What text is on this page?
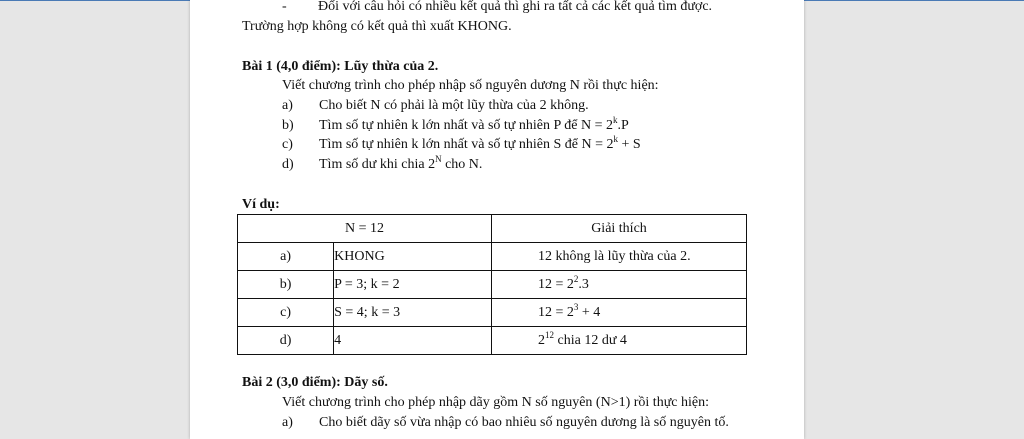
- Đối với câu hỏi có nhiều kết quả thì ghi ra tất cả các kết quả tìm được.
Trường hợp không có kết quả thì xuất KHONG.
Bài 1 (4,0 điểm): Lũy thừa của 2.
Viết chương trình cho phép nhập số nguyên dương N rồi thực hiện:
a) Cho biết N có phải là một lũy thừa của 2 không.
b) Tìm số tự nhiên k lớn nhất và số tự nhiên P để $N = 2^k.P$
c) Tìm số tự nhiên k lớn nhất và số tự nhiên S để $N = 2^k + S$
d) Tìm số dư khi chia $2^N$ cho N.
Ví dụ:
N = 12		Giải thích
a)	KHONG	12 không là lũy thừa của 2.
b)	P = 3; k = 2	$12 = 2^2.3$
c)	S = 4; k = 3	$12 = 2^3 + 4$
d)	4	$2^{12}$ chia 12 dư 4
Bài 2 (3,0 điểm): Dãy số.
Viết chương trình cho phép nhập dãy gồm N số nguyên (N>1) rồi thực hiện:
a) Cho biết dãy số vừa nhập có bao nhiêu số nguyên dương là số nguyên tố.
